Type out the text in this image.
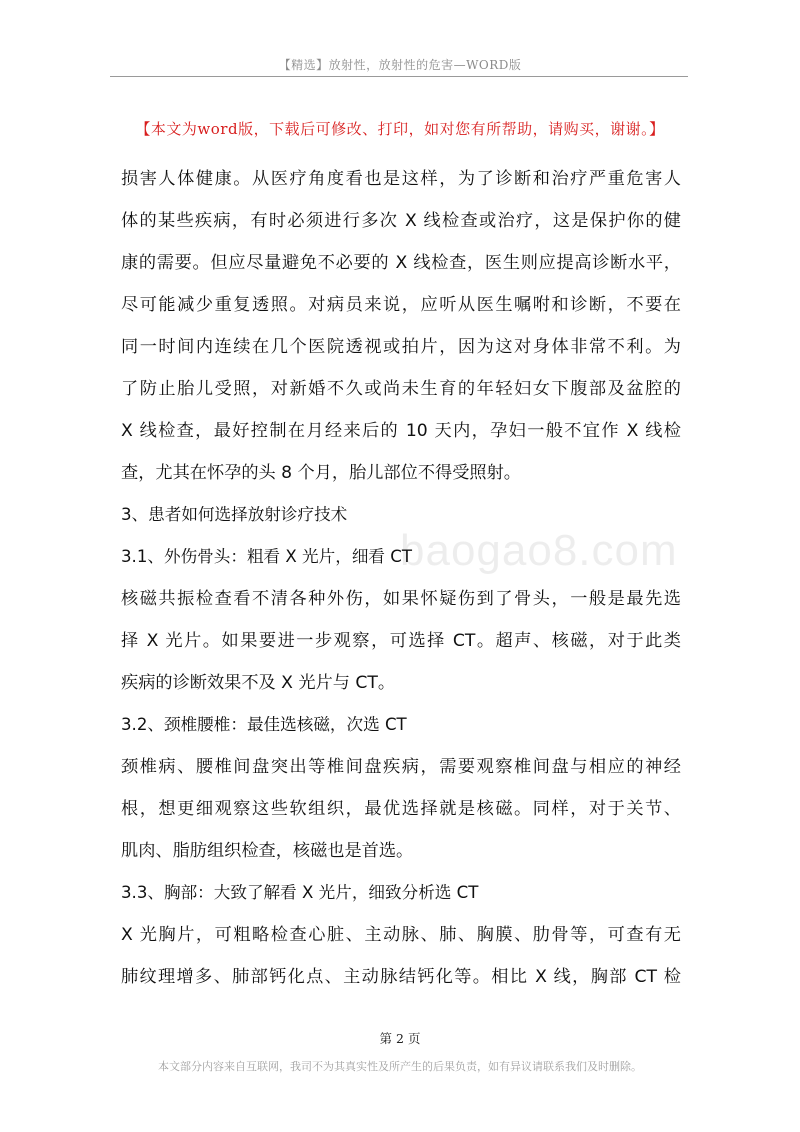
【精选】放射性，放射性的危害—WORD版
【本文为word版，下载后可修改、打印，如对您有所帮助，请购买，谢谢。】
baogao8.com
损害人体健康。从医疗角度看也是这样，为了诊断和治疗严重危害人
体的某些疾病，有时必须进行多次 X 线检查或治疗，这是保护你的健
康的需要。但应尽量避免不必要的 X 线检查，医生则应提高诊断水平，
尽可能减少重复透照。对病员来说，应听从医生嘱咐和诊断，不要在
同一时间内连续在几个医院透视或拍片，因为这对身体非常不利。为
了防止胎儿受照，对新婚不久或尚未生育的年轻妇女下腹部及盆腔的
X 线检查，最好控制在月经来后的 10 天内，孕妇一般不宜作 X 线检
查，尤其在怀孕的头 8 个月，胎儿部位不得受照射。
3、患者如何选择放射诊疗技术
3.1、外伤骨头：粗看 X 光片，细看 CT
核磁共振检查看不清各种外伤，如果怀疑伤到了骨头，一般是最先选
择 X 光片。如果要进一步观察，可选择 CT。超声、核磁，对于此类
疾病的诊断效果不及 X 光片与 CT。
3.2、颈椎腰椎：最佳选核磁，次选 CT
颈椎病、腰椎间盘突出等椎间盘疾病，需要观察椎间盘与相应的神经
根，想更细观察这些软组织，最优选择就是核磁。同样，对于关节、
肌肉、脂肪组织检查，核磁也是首选。
3.3、胸部：大致了解看 X 光片，细致分析选 CT
X 光胸片，可粗略检查心脏、主动脉、肺、胸膜、肋骨等，可查有无
肺纹理增多、肺部钙化点、主动脉结钙化等。相比 X 线，胸部 CT 检
第 2 页
本文部分内容来自互联网，我司不为其真实性及所产生的后果负责，如有异议请联系我们及时删除。
